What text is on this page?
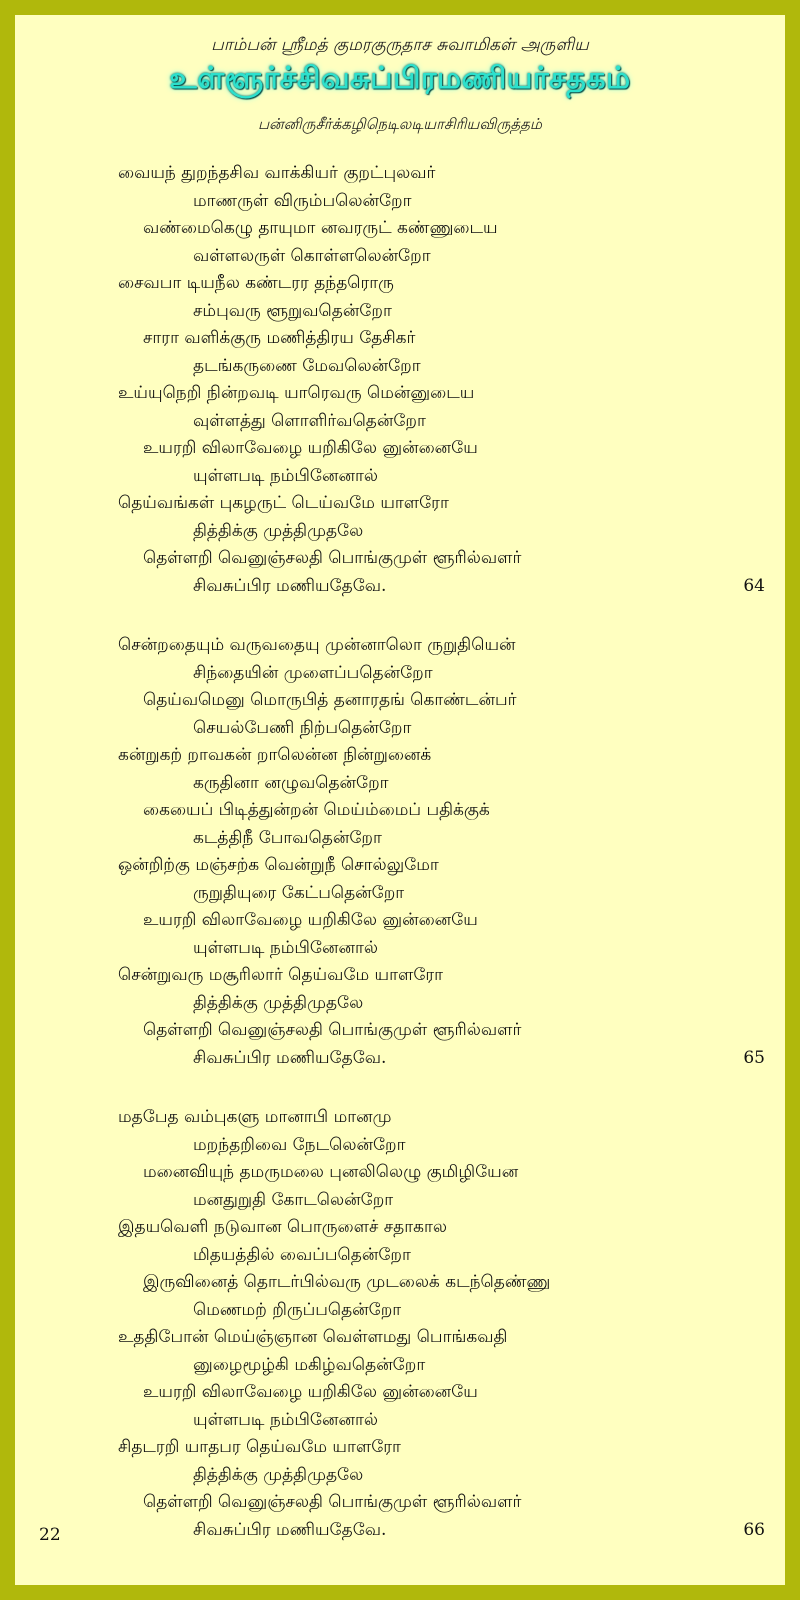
பாம்பன் ஸ்ரீமத் குமரகுருதாச சுவாமிகள் அருளிய
உள்ளூர்ச்சிவசுப்பிரமணியர்சதகம்
பன்னிருசீர்க்கழிநெடிலடியாசிரியவிருத்தம்
வையந் துறந்தசிவ வாக்கியர் குறட்புலவர்
மாணருள் விரும்பலென்றோ
வண்மைகெழு தாயுமா னவரருட் கண்ணுடைய
வள்ளலருள் கொள்ளலென்றோ
சைவபா டியநீல கண்டரர தந்தரொரு
சம்புவரு ளூறுவதென்றோ
சாரா வளிக்குரு மணித்திரய தேசிகர்
தடங்கருணை மேவலென்றோ
உய்யுநெறி நின்றவடி யாரெவரு மென்னுடைய
வுள்ளத்து ளொளிர்வதென்றோ
உயரறி விலாவேழை யறிகிலே னுன்னையே
யுள்ளபடி நம்பினேனால்
தெய்வங்கள் புகழருட் டெய்வமே யாளரோ
தித்திக்கு முத்திமுதலே
தெள்ளறி வெனுஞ்சலதி பொங்குமுள் ளூரில்வளர்
சிவசுப்பிர மணியதேவே.	64
சென்றதையும் வருவதையு முன்னாலொ ருறுதியென்
சிந்தையின் முளைப்பதென்றோ
தெய்வமெனு மொருபித் தனாரதங் கொண்டன்பர்
செயல்பேணி நிற்பதென்றோ
கன்றுகற் றாவகன் றாலென்ன நின்றுனைக்
கருதினா னழுவதென்றோ
கையைப் பிடித்துன்றன் மெய்ம்மைப் பதிக்குக்
கடத்திநீ போவதென்றோ
ஒன்றிற்கு மஞ்சற்க வென்றுநீ சொல்லுமோ
ருறுதியுரை கேட்பதென்றோ
உயரறி விலாவேழை யறிகிலே னுன்னையே
யுள்ளபடி நம்பினேனால்
சென்றுவரு மசூரிலார் தெய்வமே யாளரோ
தித்திக்கு முத்திமுதலே
தெள்ளறி வெனுஞ்சலதி பொங்குமுள் ளூரில்வளர்
சிவசுப்பிர மணியதேவே.	65
மதபேத வம்புகளு மானாபி மானமு
மறந்தறிவை நேடலென்றோ
மனைவியுந் தமருமலை புனலிலெழு குமிழியேன
மனதுறுதி கோடலென்றோ
இதயவெளி நடுவான பொருளைச் சதாகால
மிதயத்தில் வைப்பதென்றோ
இருவினைத் தொடர்பில்வரு முடலைக் கடந்தெண்ணு
மெணமற் றிருப்பதென்றோ
உததிபோன் மெய்ஞ்ஞான வெள்ளமது பொங்கவதி
னுழைமூழ்கி மகிழ்வதென்றோ
உயரறி விலாவேழை யறிகிலே னுன்னையே
யுள்ளபடி நம்பினேனால்
சிதடரறி யாதபர தெய்வமே யாளரோ
தித்திக்கு முத்திமுதலே
தெள்ளறி வெனுஞ்சலதி பொங்குமுள் ளூரில்வளர்
சிவசுப்பிர மணியதேவே.	66
22
